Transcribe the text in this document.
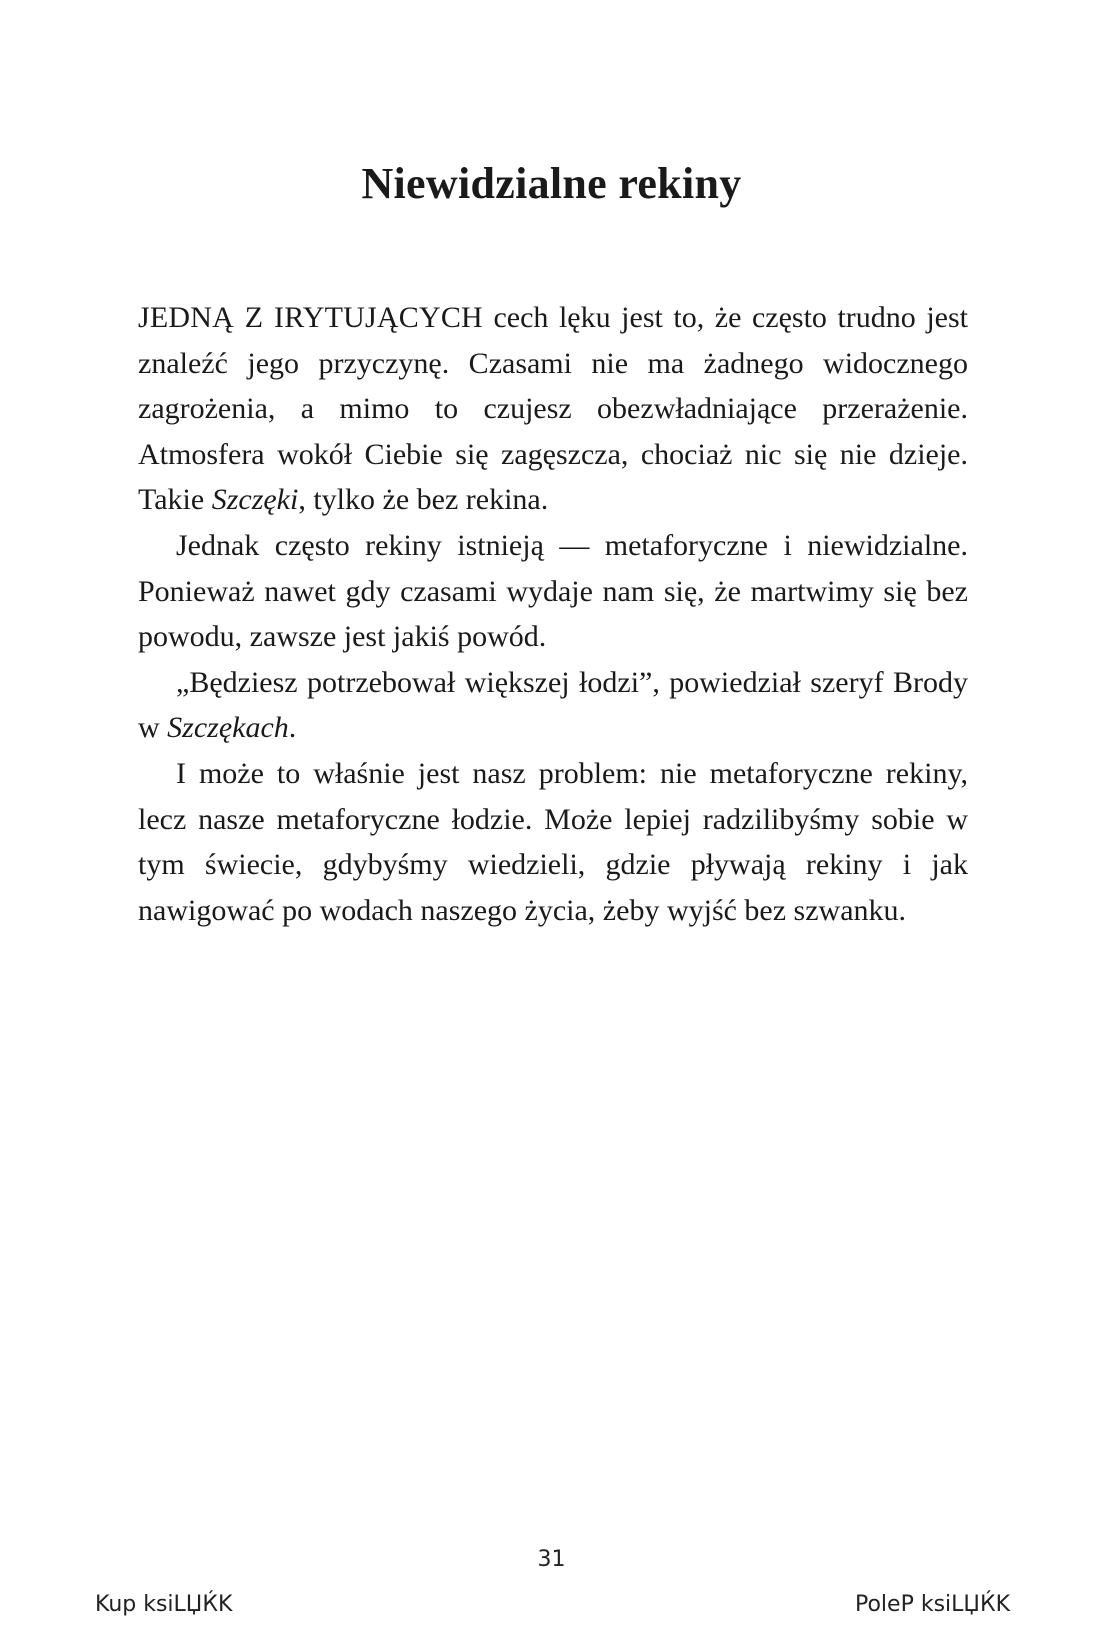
Niewidzialne rekiny

JEDNĄ Z IRYTUJĄCYCH cech lęku jest to, że często trudno jest znaleźć jego przyczynę. Czasami nie ma żadnego widocznego zagrożenia, a mimo to czujesz obezwładniające przerażenie. Atmosfera wokół Ciebie się zagęszcza, chociaż nic się nie dzieje. Takie Szczęki, tylko że bez rekina.

Jednak często rekiny istnieją — metaforyczne i niewidzialne. Ponieważ nawet gdy czasami wydaje nam się, że martwimy się bez powodu, zawsze jest jakiś powód.

„Będziesz potrzebował większej łodzi”, powiedział szeryf Brody w Szczękach.

I może to właśnie jest nasz problem: nie metaforyczne rekiny, lecz nasze metaforyczne łodzie. Może lepiej radzilibyśmy sobie w tym świecie, gdybyśmy wiedzieli, gdzie pływają rekiny i jak nawigować po wodach naszego życia, żeby wyjść bez szwanku.

31
Kup ksiLЏЌK	PoleP ksiLЏЌK
